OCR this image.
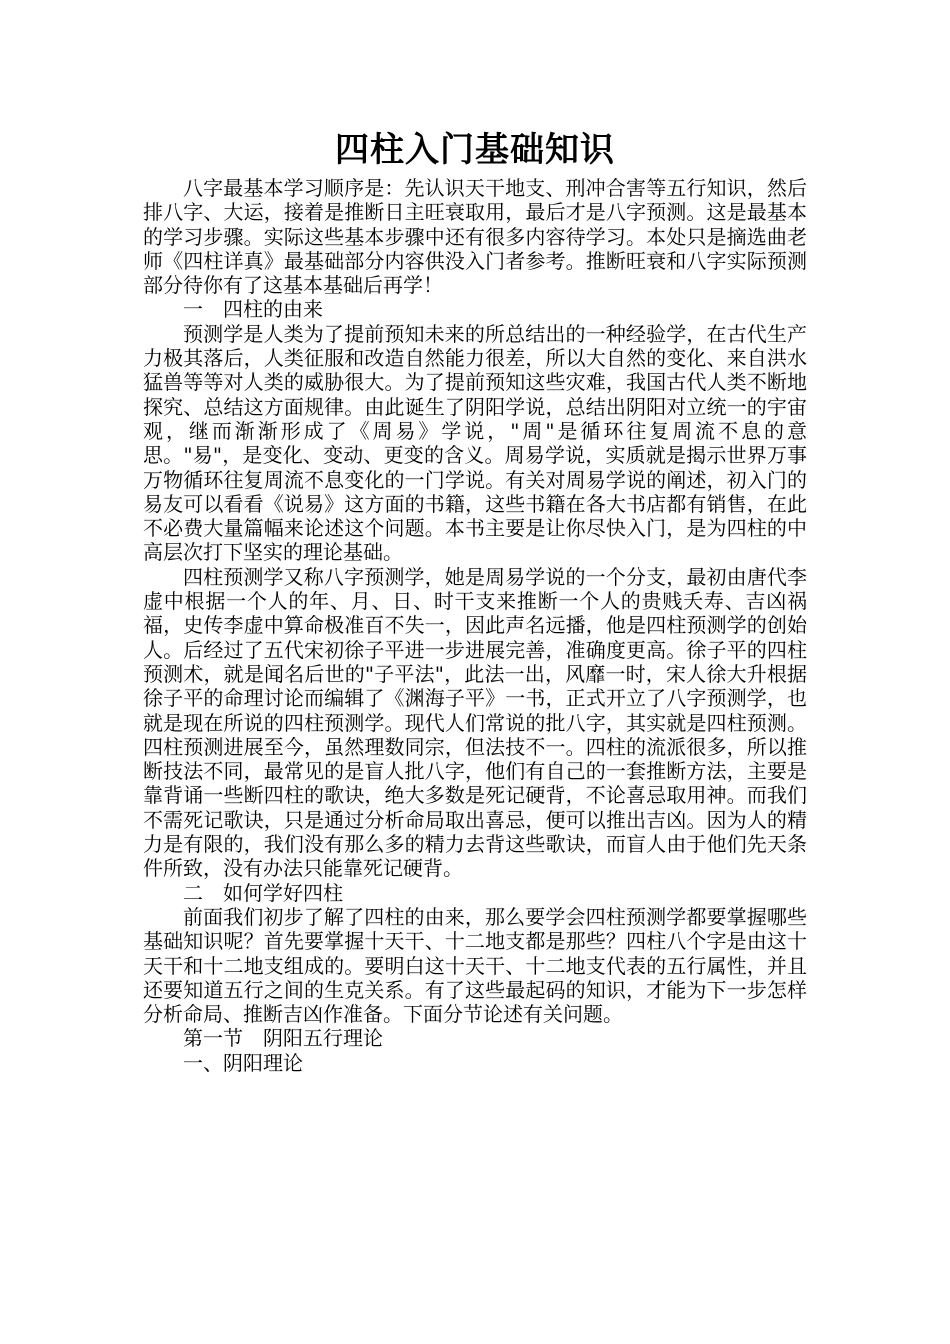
四柱入门基础知识

八字最基本学习顺序是：先认识天干地支、刑冲合害等五行知识，然后排八字、大运，接着是推断日主旺衰取用，最后才是八字预测。这是最基本的学习步骤。实际这些基本步骤中还有很多内容待学习。本处只是摘选曲老师《四柱详真》最基础部分内容供没入门者参考。推断旺衰和八字实际预测部分待你有了这基本基础后再学！

一　四柱的由来

预测学是人类为了提前预知未来的所总结出的一种经验学，在古代生产力极其落后，人类征服和改造自然能力很差，所以大自然的变化、来自洪水猛兽等等对人类的威胁很大。为了提前预知这些灾难，我国古代人类不断地探究、总结这方面规律。由此诞生了阴阳学说，总结出阴阳对立统一的宇宙观，继而渐渐形成了《周易》学说，"周"是循环往复周流不息的意思。"易"，是变化、变动、更变的含义。周易学说，实质就是揭示世界万事万物循环往复周流不息变化的一门学说。有关对周易学说的阐述，初入门的易友可以看看《说易》这方面的书籍，这些书籍在各大书店都有销售，在此不必费大量篇幅来论述这个问题。本书主要是让你尽快入门，是为四柱的中高层次打下坚实的理论基础。

四柱预测学又称八字预测学，她是周易学说的一个分支，最初由唐代李虚中根据一个人的年、月、日、时干支来推断一个人的贵贱夭寿、吉凶祸福，史传李虚中算命极准百不失一，因此声名远播，他是四柱预测学的创始人。后经过了五代宋初徐子平进一步进展完善，准确度更高。徐子平的四柱预测术，就是闻名后世的"子平法"，此法一出，风靡一时，宋人徐大升根据徐子平的命理讨论而编辑了《渊海子平》一书，正式开立了八字预测学，也就是现在所说的四柱预测学。现代人们常说的批八字，其实就是四柱预测。四柱预测进展至今，虽然理数同宗，但法技不一。四柱的流派很多，所以推断技法不同，最常见的是盲人批八字，他们有自己的一套推断方法，主要是靠背诵一些断四柱的歌诀，绝大多数是死记硬背，不论喜忌取用神。而我们不需死记歌诀，只是通过分析命局取出喜忌，便可以推出吉凶。因为人的精力是有限的，我们没有那么多的精力去背这些歌诀，而盲人由于他们先天条件所致，没有办法只能靠死记硬背。

二　如何学好四柱

前面我们初步了解了四柱的由来，那么要学会四柱预测学都要掌握哪些基础知识呢？首先要掌握十天干、十二地支都是那些？四柱八个字是由这十天干和十二地支组成的。要明白这十天干、十二地支代表的五行属性，并且还要知道五行之间的生克关系。有了这些最起码的知识，才能为下一步怎样分析命局、推断吉凶作准备。下面分节论述有关问题。

第一节　阴阳五行理论

一、阴阳理论
